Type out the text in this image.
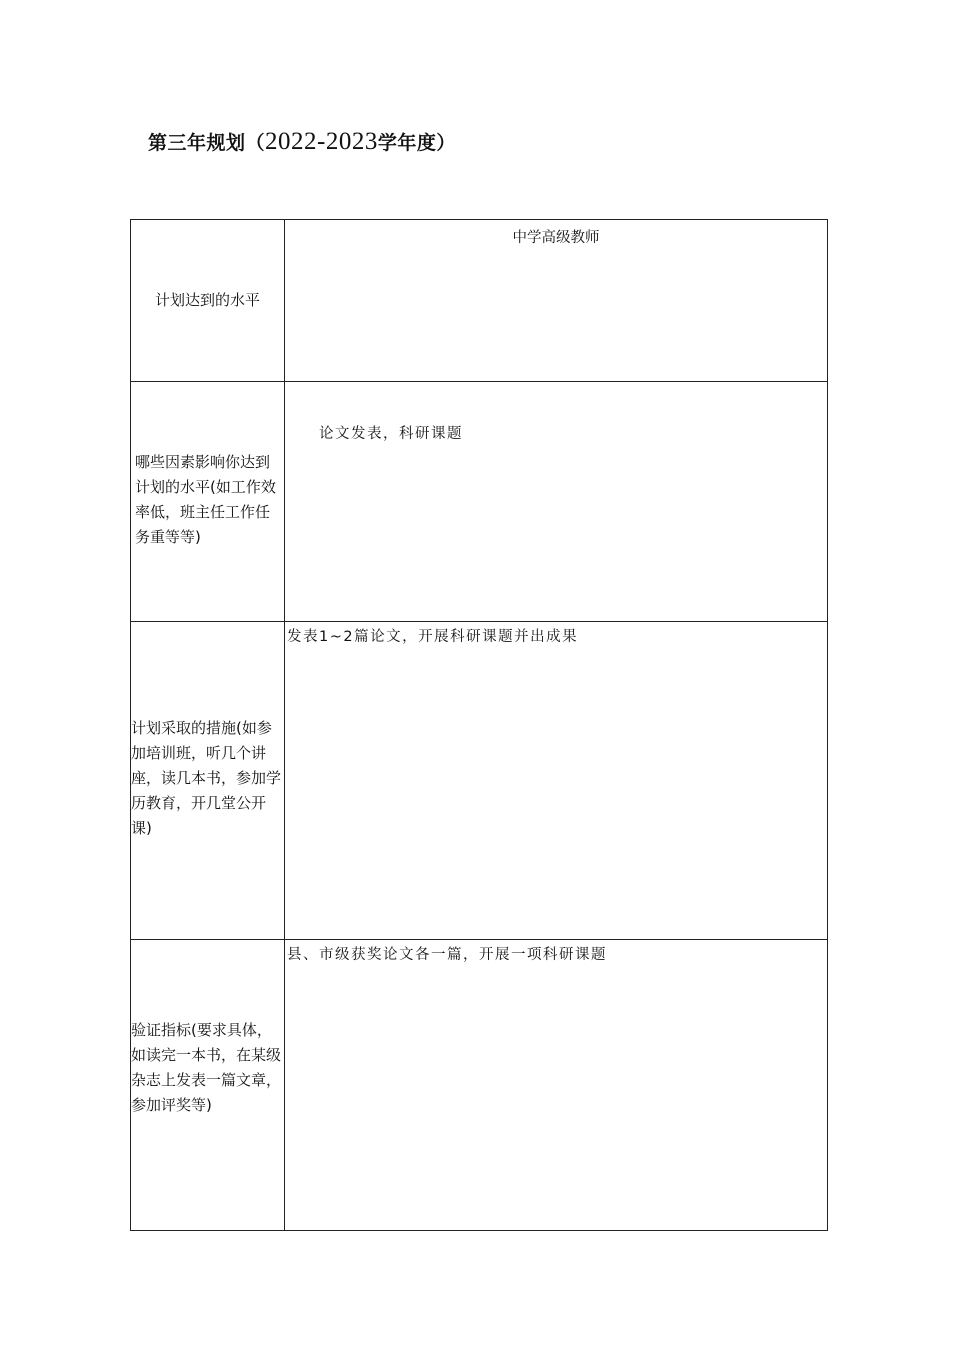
第三年规划（2022-2023学年度）
计划达到的水平	中学高级教师

哪些因素影响你达到计划的水平(如工作效率低，班主任工作任务重等等)	论文发表，科研课题

计划采取的措施(如参加培训班，听几个讲座，读几本书，参加学历教育，开几堂公开课)	发表1~2篇论文，开展科研课题并出成果

验证指标(要求具体，如读完一本书，在某级杂志上发表一篇文章，参加评奖等)	县、市级获奖论文各一篇，开展一项科研课题
